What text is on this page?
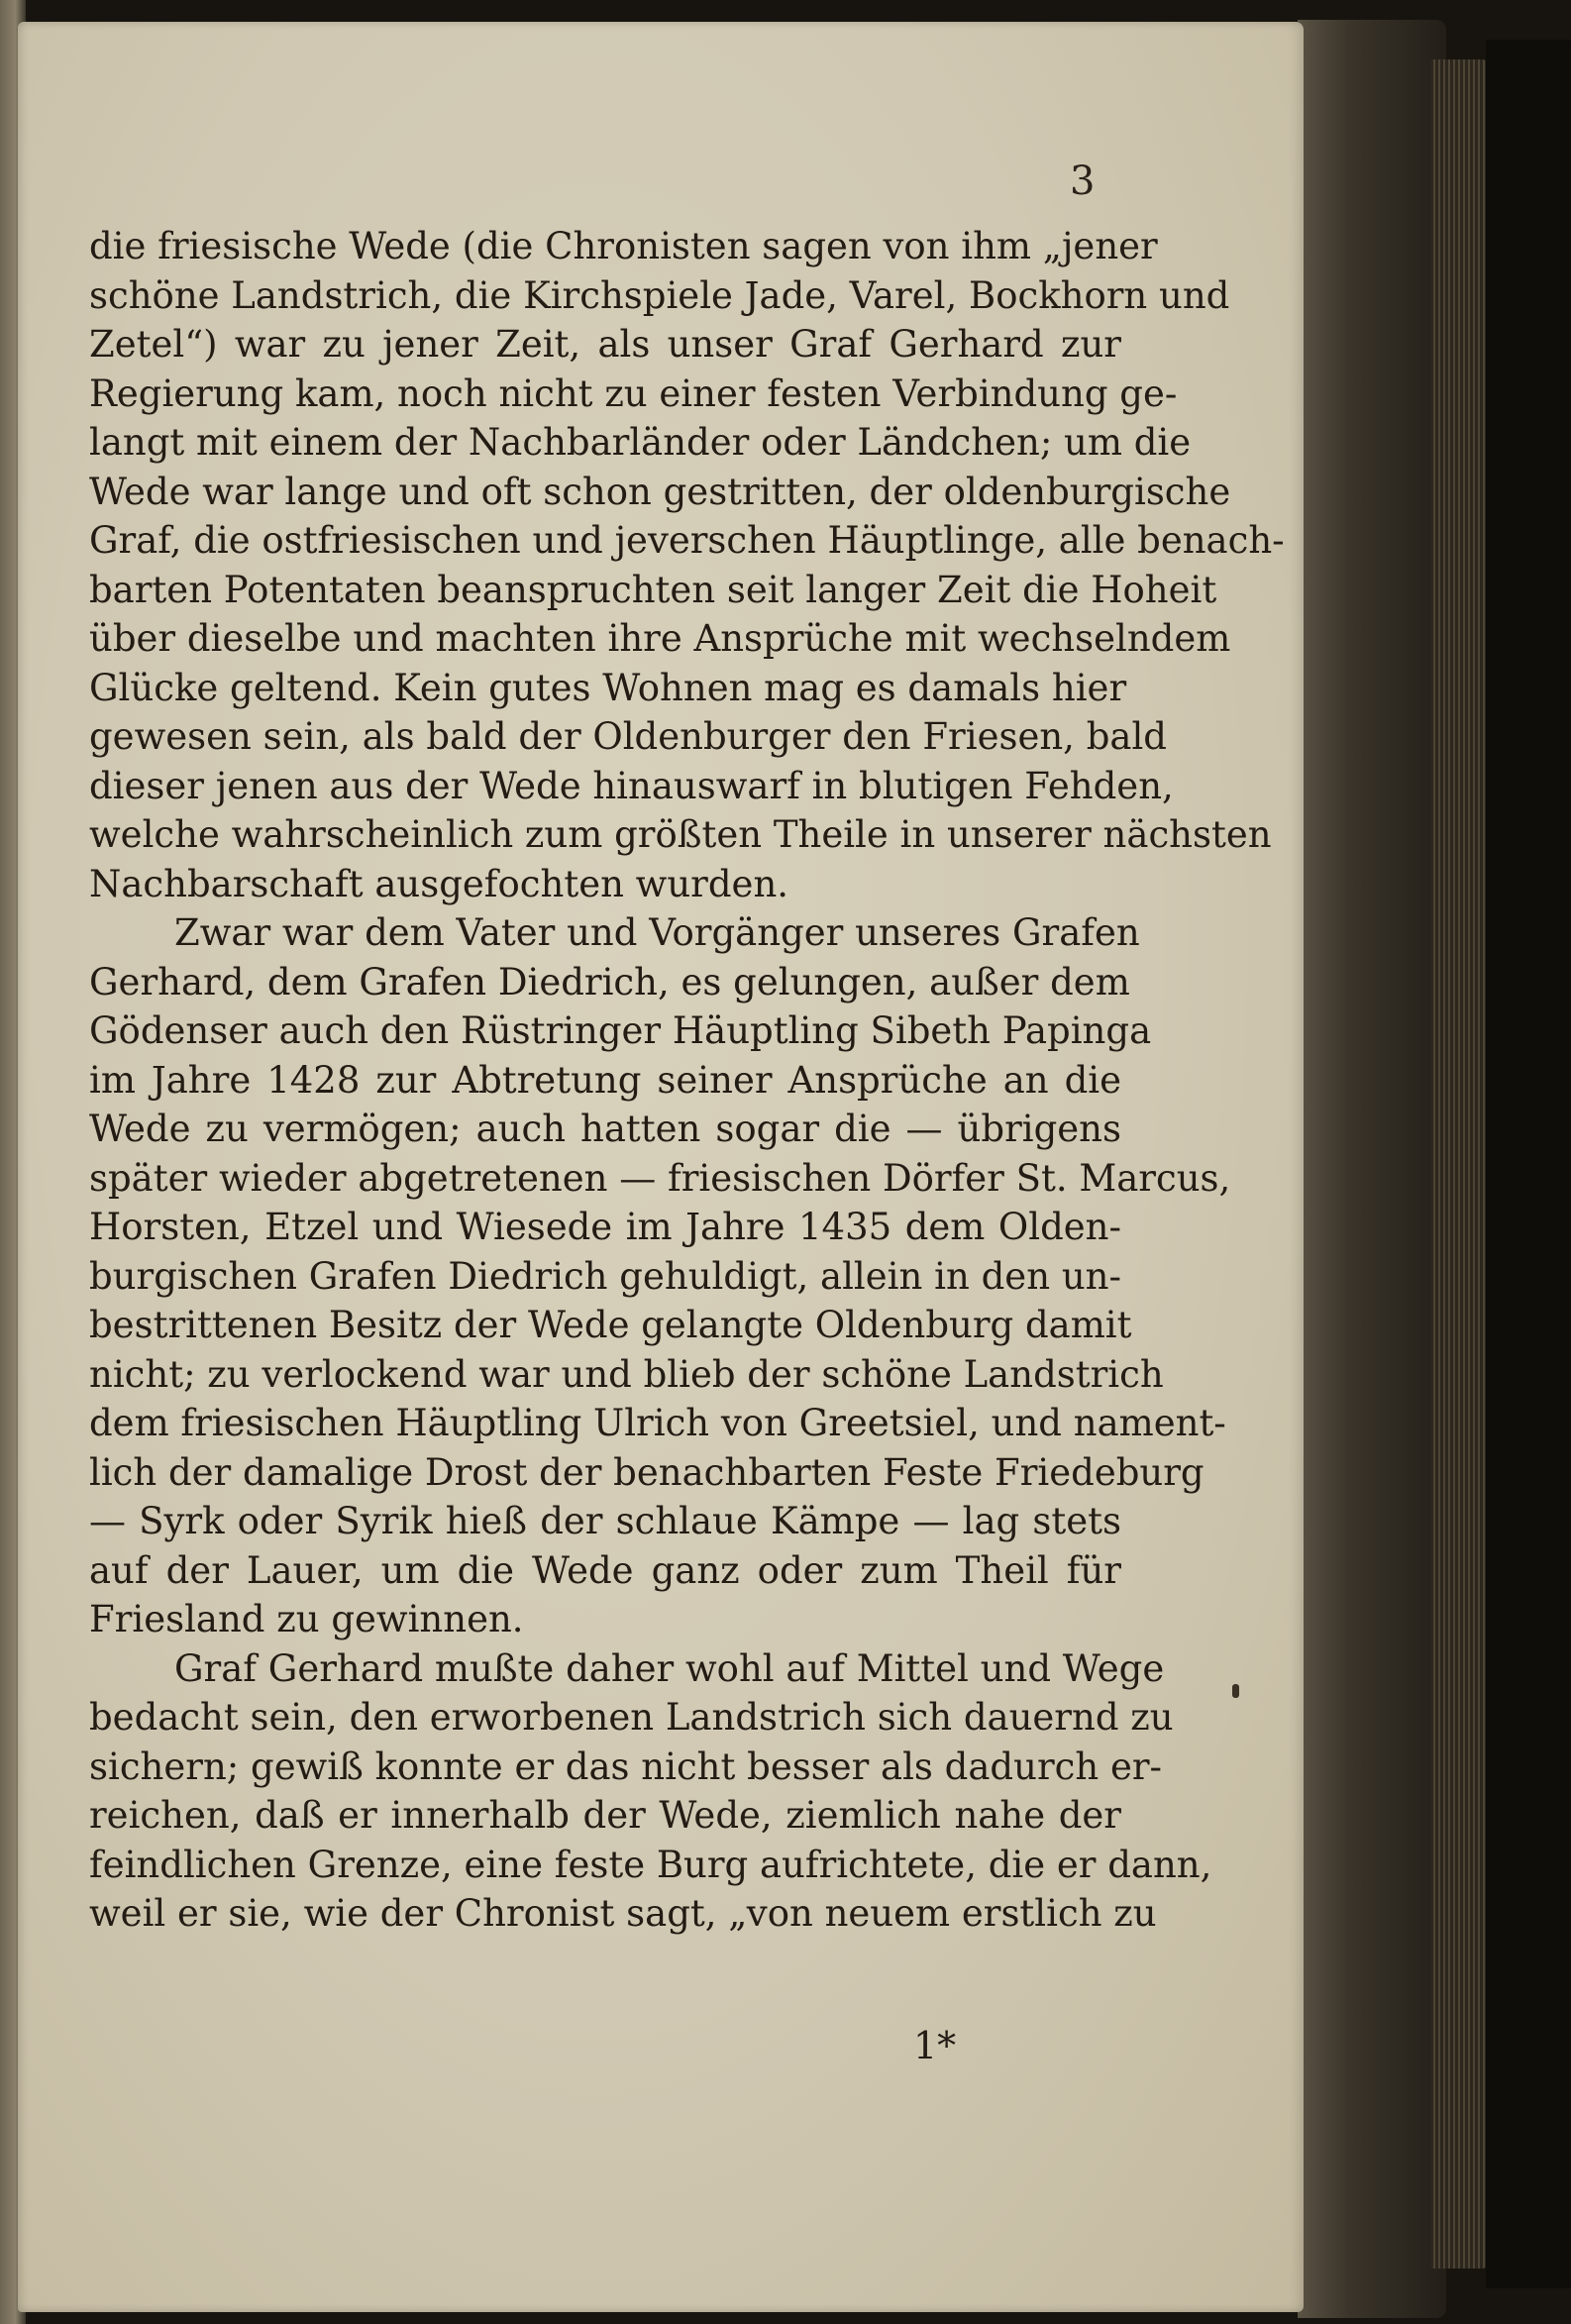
3
die friesische Wede (die Chronisten sagen von ihm „jener
schöne Landstrich, die Kirchspiele Jade, Varel, Bockhorn und
Zetel“) war zu jener Zeit, als unser Graf Gerhard zur
Regierung kam, noch nicht zu einer festen Verbindung ge-
langt mit einem der Nachbarländer oder Ländchen; um die
Wede war lange und oft schon gestritten, der oldenburgische
Graf, die ostfriesischen und jeverschen Häuptlinge, alle benach-
barten Potentaten beanspruchten seit langer Zeit die Hoheit
über dieselbe und machten ihre Ansprüche mit wechselndem
Glücke geltend. Kein gutes Wohnen mag es damals hier
gewesen sein, als bald der Oldenburger den Friesen, bald
dieser jenen aus der Wede hinauswarf in blutigen Fehden,
welche wahrscheinlich zum größten Theile in unserer nächsten
Nachbarschaft ausgefochten wurden.
Zwar war dem Vater und Vorgänger unseres Grafen
Gerhard, dem Grafen Diedrich, es gelungen, außer dem
Gödenser auch den Rüstringer Häuptling Sibeth Papinga
im Jahre 1428 zur Abtretung seiner Ansprüche an die
Wede zu vermögen; auch hatten sogar die — übrigens
später wieder abgetretenen — friesischen Dörfer St. Marcus,
Horsten, Etzel und Wiesede im Jahre 1435 dem Olden-
burgischen Grafen Diedrich gehuldigt, allein in den un-
bestrittenen Besitz der Wede gelangte Oldenburg damit
nicht; zu verlockend war und blieb der schöne Landstrich
dem friesischen Häuptling Ulrich von Greetsiel, und nament-
lich der damalige Drost der benachbarten Feste Friedeburg
— Syrk oder Syrik hieß der schlaue Kämpe — lag stets
auf der Lauer, um die Wede ganz oder zum Theil für
Friesland zu gewinnen.
Graf Gerhard mußte daher wohl auf Mittel und Wege
bedacht sein, den erworbenen Landstrich sich dauernd zu
sichern; gewiß konnte er das nicht besser als dadurch er-
reichen, daß er innerhalb der Wede, ziemlich nahe der
feindlichen Grenze, eine feste Burg aufrichtete, die er dann,
weil er sie, wie der Chronist sagt, „von neuem erstlich zu
1*
